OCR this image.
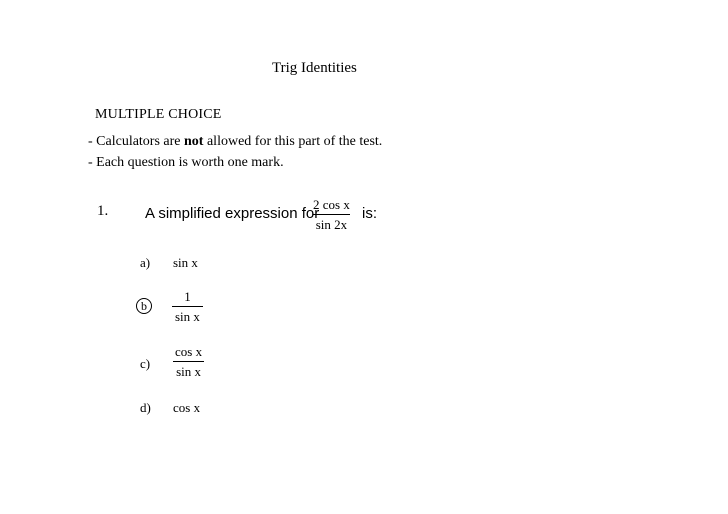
Trig Identities
MULTIPLE CHOICE
- Calculators are not allowed for this part of the test.
- Each question is worth one mark.
1. A simplified expression for
$\frac{\text{2 cos x}}{\sin 2x}$ is:
a) sin x
b	$\frac{1}{\text{sin x}}$
$c) \frac{\text{cos x}}{\text{sin x}}$
d) cos x
